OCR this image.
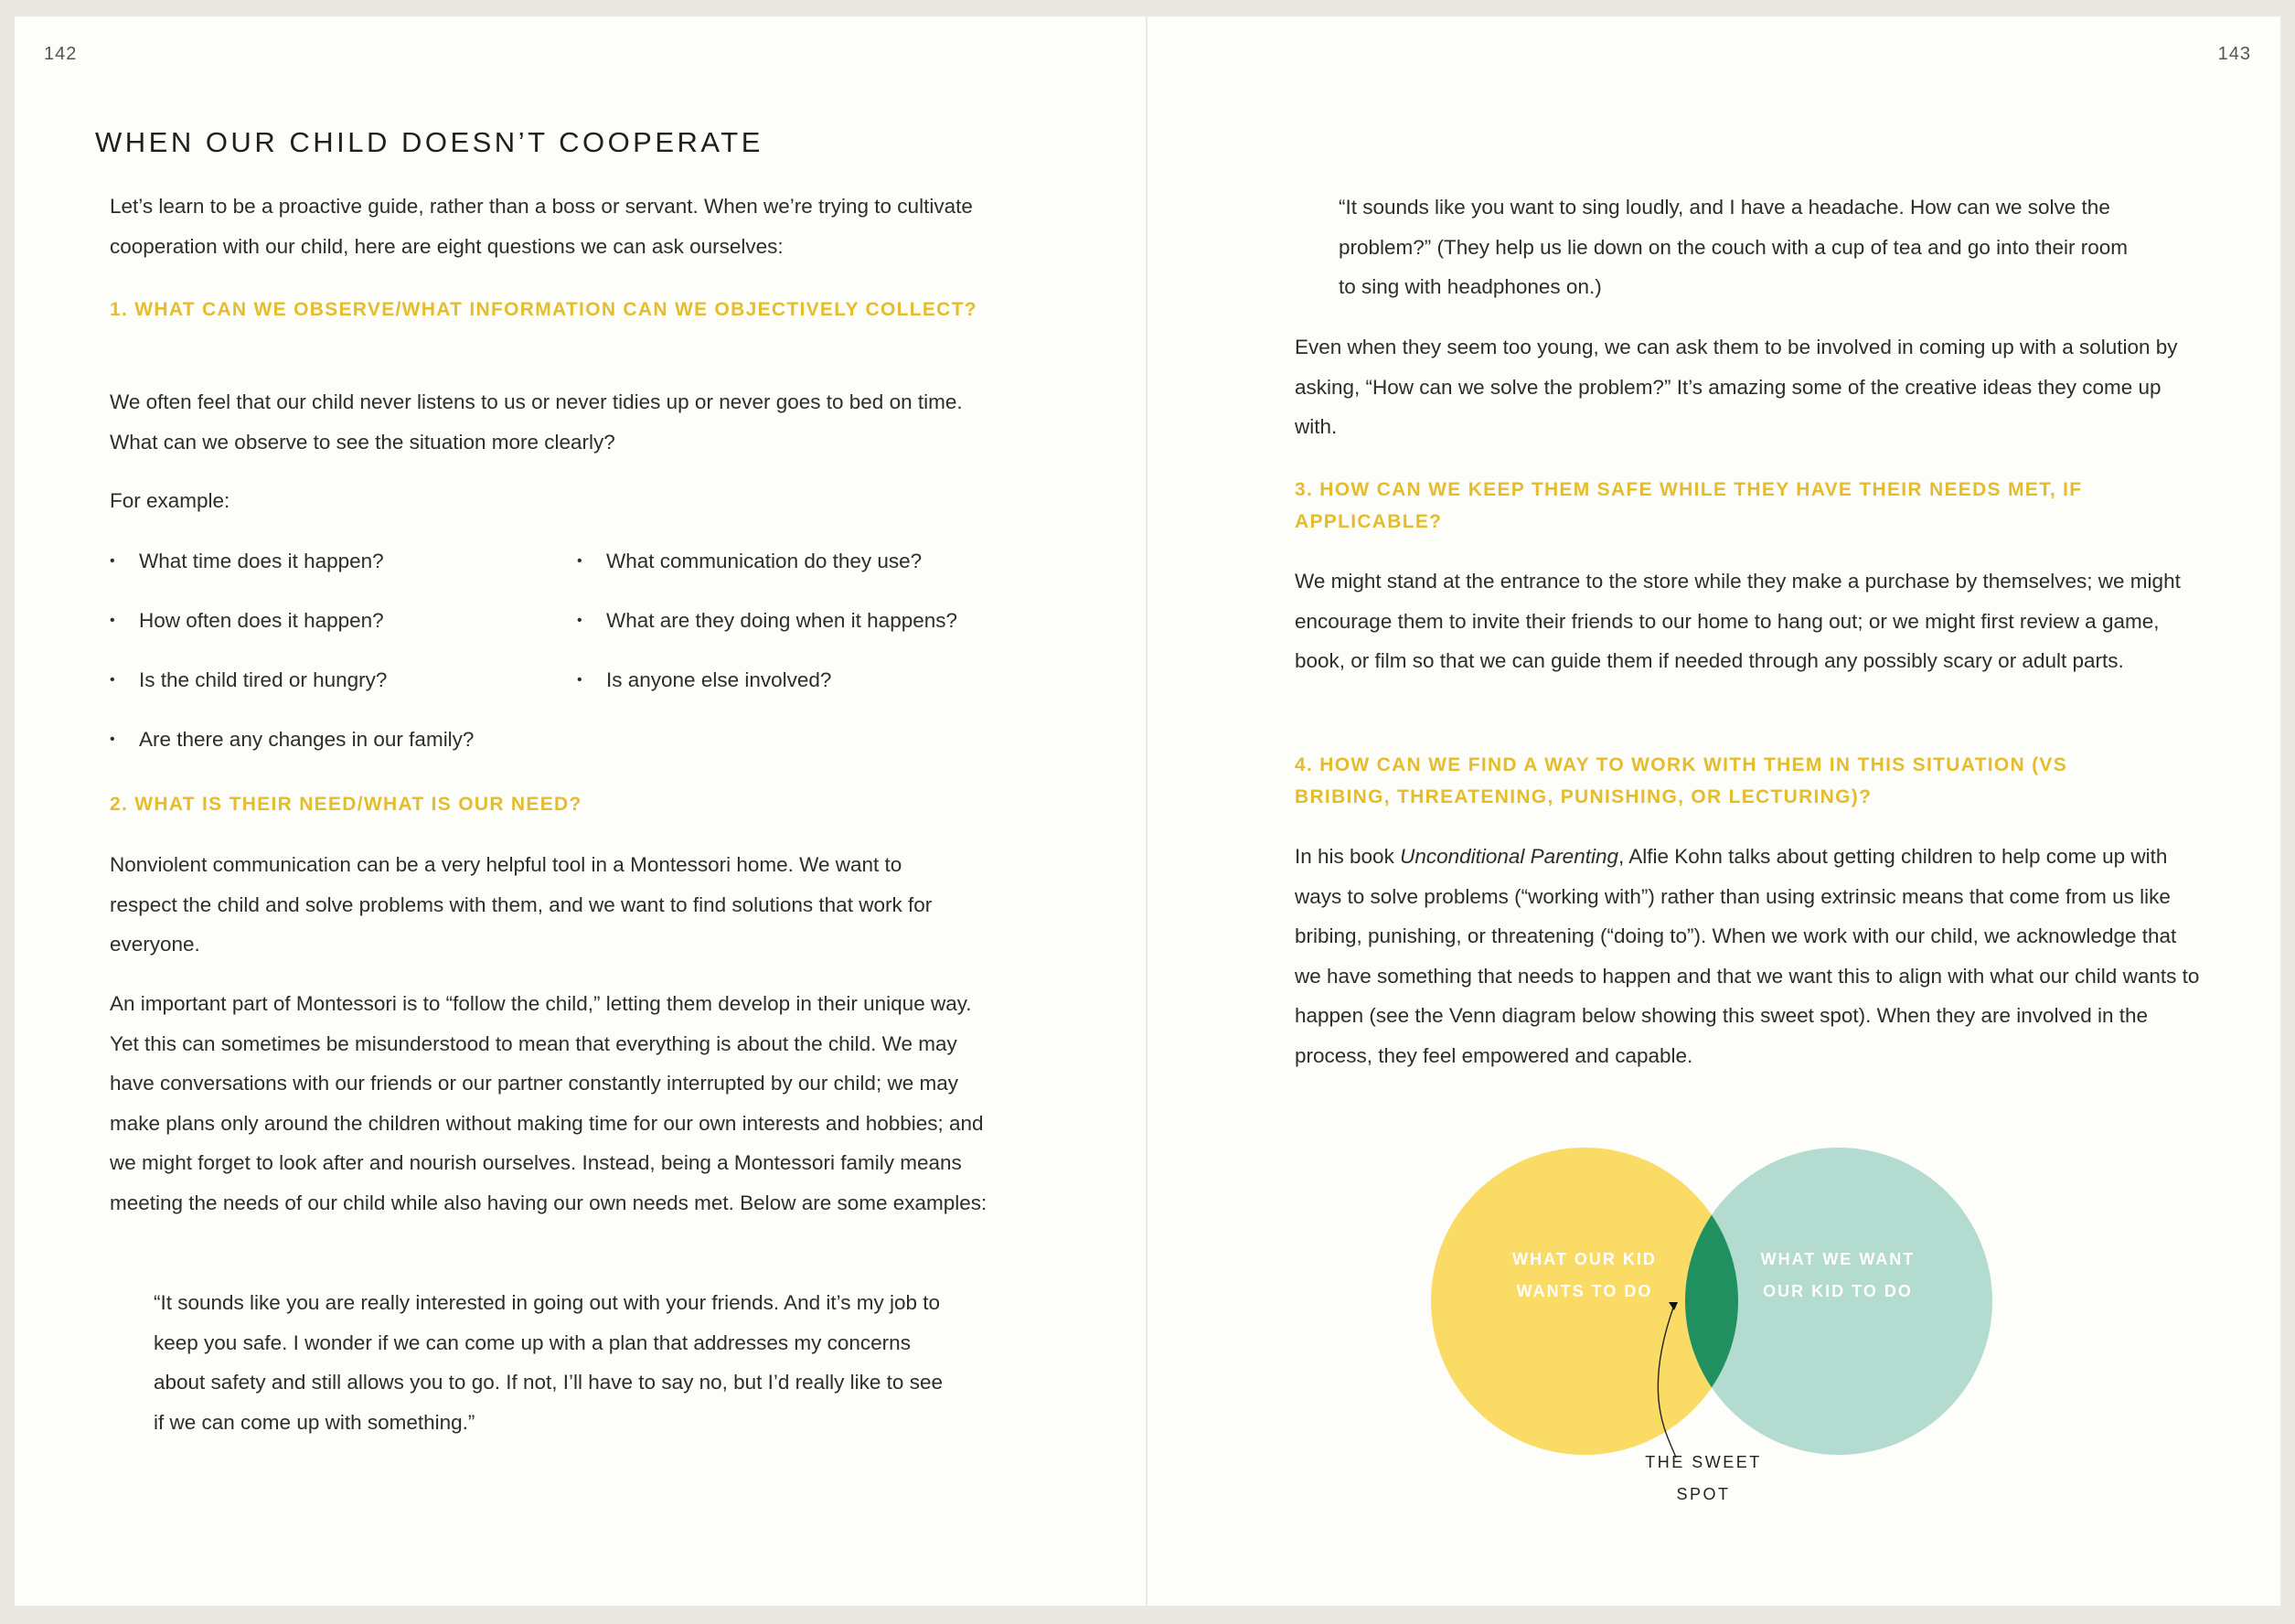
142	143
WHEN OUR CHILD DOESN’T COOPERATE

Let’s learn to be a proactive guide, rather than a boss or servant. When we’re trying to cultivate cooperation with our child, here are eight questions we can ask ourselves:

1. WHAT CAN WE OBSERVE/WHAT INFORMATION CAN WE OBJECTIVELY COLLECT?

We often feel that our child never listens to us or never tidies up or never goes to bed on time. What can we observe to see the situation more clearly?

For example:

• What time does it happen?
• How often does it happen?
• Is the child tired or hungry?
• Are there any changes in our family?
• What communication do they use?
• What are they doing when it happens?
• Is anyone else involved?
2. WHAT IS THEIR NEED/WHAT IS OUR NEED?

Nonviolent communication can be a very helpful tool in a Montessori home. We want to respect the child and solve problems with them, and we want to find solutions that work for everyone.

An important part of Montessori is to “follow the child,” letting them develop in their unique way. Yet this can sometimes be misunderstood to mean that everything is about the child. We may have conversations with our friends or our partner constantly interrupted by our child; we may make plans only around the children without making time for our own interests and hobbies; and we might forget to look after and nourish ourselves. Instead, being a Montessori family means meeting the needs of our child while also having our own needs met. Below are some examples:

“It sounds like you are really interested in going out with your friends. And it’s my job to keep you safe. I wonder if we can come up with a plan that addresses my concerns about safety and still allows you to go. If not, I’ll have to say no, but I’d really like to see if we can come up with something.”

“It sounds like you want to sing loudly, and I have a headache. How can we solve the problem?” (They help us lie down on the couch with a cup of tea and go into their room to sing with headphones on.)

Even when they seem too young, we can ask them to be involved in coming up with a solution by asking, “How can we solve the problem?” It’s amazing some of the creative ideas they come up with.

3. HOW CAN WE KEEP THEM SAFE WHILE THEY HAVE THEIR NEEDS MET, IF APPLICABLE?

We might stand at the entrance to the store while they make a purchase by themselves; we might encourage them to invite their friends to our home to hang out; or we might first review a game, book, or film so that we can guide them if needed through any possibly scary or adult parts.

4. HOW CAN WE FIND A WAY TO WORK WITH THEM IN THIS SITUATION (VS BRIBING, THREATENING, PUNISHING, OR LECTURING)?

In his book Unconditional Parenting, Alfie Kohn talks about getting children to help come up with ways to solve problems (“working with”) rather than using extrinsic means that come from us like bribing, punishing, or threatening (“doing to”). When we work with our child, we acknowledge that we have something that needs to happen and that we want this to align with what our child wants to happen (see the Venn diagram below showing this sweet spot). When they are involved in the process, they feel empowered and capable.

WHAT OUR KID WANTS TO DO
WHAT WE WANT OUR KID TO DO
THE SWEET SPOT
